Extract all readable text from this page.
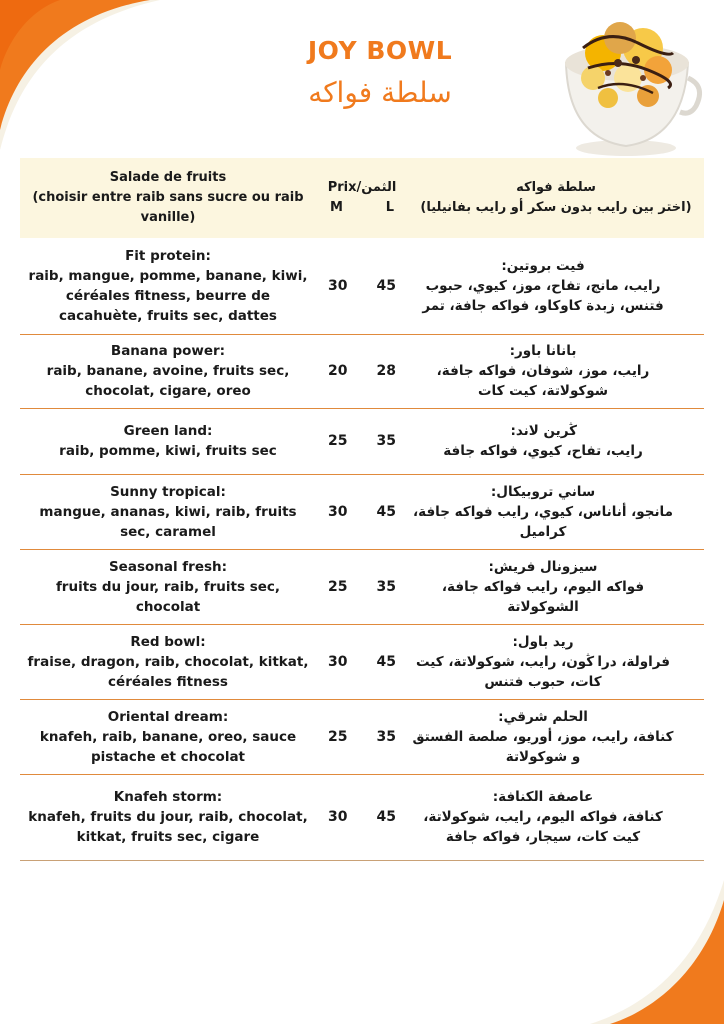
JOY BOWL
سلطة فواكه
Salade de fruits
(choisir entre raib sans sucre ou raib vanille)	Prix/الثمن
M L	سلطة فواكه
(اختر بين رايب بدون سكر أو رايب بفانيليا)

Fit protein:
raib, mangue, pomme, banane, kiwi, céréales fitness, beurre de cacahuète, fruits sec, dattes	30 45	فيت بروتين:
رايب، مانج، تفاح، موز، كيوي، حبوب فتنس، زبدة كاوكاو، فواكه جافة، تمر

Banana power:
raib, banane, avoine, fruits sec, chocolat, cigare, oreo	20 28	بانانا باور:
رايب، موز، شوفان، فواكه جافة، شوكولاتة، كيت كات

Green land:
raib, pomme, kiwi, fruits sec	25 35	ڭرين لاند:
رايب، تفاح، كيوي، فواكه جافة

Sunny tropical:
mangue, ananas, kiwi, raib, fruits sec, caramel	30 45	ساني تروبيكال:
مانجو، أناناس، كيوي، رايب فواكه جافة، كراميل

Seasonal fresh:
fruits du jour, raib, fruits sec, chocolat	25 35	سيزونال فريش:
فواكه اليوم، رايب فواكه جافة، الشوكولاتة

Red bowl:
fraise, dragon, raib, chocolat, kitkat, céréales fitness	30 45	ريد باول:
فراولة، درا ڭون، رايب، شوكولاتة، كيت كات، حبوب فتنس

Oriental dream:
knafeh, raib, banane, oreo, sauce pistache et chocolat	25 35	الحلم شرقي:
كنافة، رايب، موز، أوريو، صلصة الفستق و شوكولاتة

Knafeh storm:
knafeh, fruits du jour, raib, chocolat, kitkat, fruits sec, cigare	30 45	عاصفة الكنافة:
كنافة، فواكه اليوم، رايب، شوكولاتة، كيت كات، سيجار، فواكه جافة
